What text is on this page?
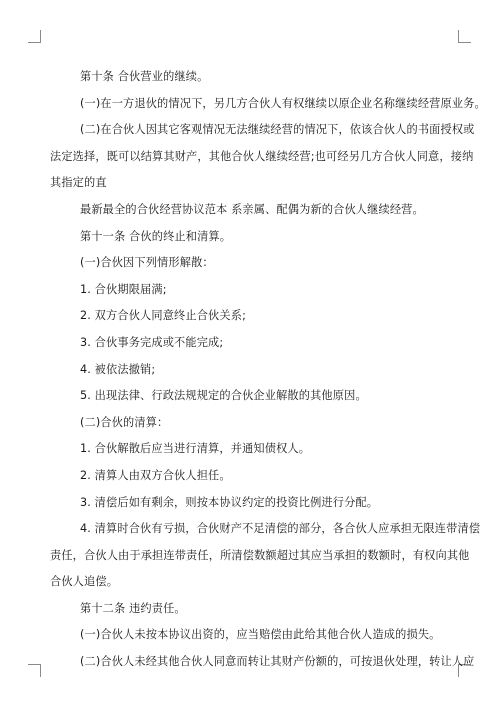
第十条 合伙营业的继续。
(一)在一方退伙的情况下，另几方合伙人有权继续以原企业名称继续经营原业务。
(二)在合伙人因其它客观情况无法继续经营的情况下，依该合伙人的书面授权或
法定选择，既可以结算其财产，其他合伙人继续经营;也可经另几方合伙人同意，接纳
其指定的直
最新最全的合伙经营协议范本 系亲属、配偶为新的合伙人继续经营。
第十一条 合伙的终止和清算。
(一)合伙因下列情形解散：
1. 合伙期限届满;
2. 双方合伙人同意终止合伙关系;
3. 合伙事务完成或不能完成;
4. 被依法撤销;
5. 出现法律、行政法规规定的合伙企业解散的其他原因。
(二)合伙的清算：
1. 合伙解散后应当进行清算，并通知债权人。
2. 清算人由双方合伙人担任。
3. 清偿后如有剩余，则按本协议约定的投资比例进行分配。
4. 清算时合伙有亏损，合伙财产不足清偿的部分，各合伙人应承担无限连带清偿
责任，合伙人由于承担连带责任，所清偿数额超过其应当承担的数额时，有权向其他
合伙人追偿。
第十二条 违约责任。
(一)合伙人未按本协议出资的，应当赔偿由此给其他合伙人造成的损失。
(二)合伙人未经其他合伙人同意而转让其财产份额的，可按退伙处理，转让人应
